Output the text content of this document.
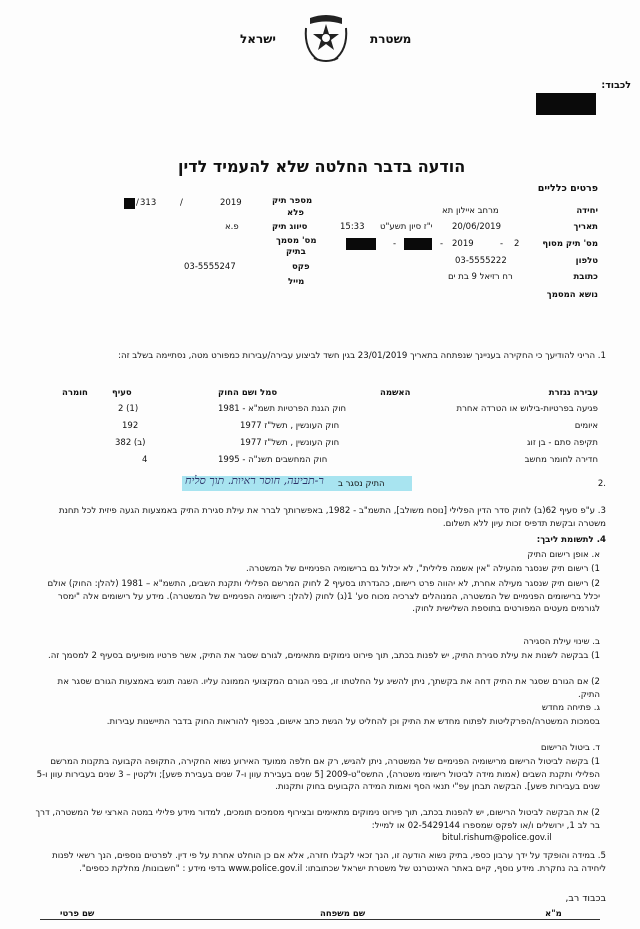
משטרת
ישראל
לכבוד:
הודעה בדבר החלטה שלא להעמיד לדין
פרטים כלליים
יחידה
מרחב איילון תא
תאריך
20/06/2019
י"ז סיון תשע"ט
15:33
מס' תיק מסוף
2
-
2019
-
-
טלפון
03-5555222
כתובת
רח רזיאל 9 בת ים
נושא המסמך
מספר תיק
פלא
2019
/
313
/
סיווג תיק
פ.א
מס' מסמך
בתיק
פקס
03-5555247
מייל
1. הריני להודיעך כי החקירה בעניינך שנפתחה בתאריך 23/01/2019 בגין חשד לביצוע עבירה/עבירות כמפורט מטה, נסתיימה בשלב זה:
עבירה נגזרת
האשמה
סמל ושם החוק
סעיף
חומרה
פגיעה בפרטיות-בילוש או הטרדה אחרת
חוק הגנת הפרטיות תשמ"א - 1981
2 (1)
איומים
חוק העונשין , תשל"ז 1977
192
תקיפה סתם - בן זוג
חוק העונשין , תשל"ז 1977
382 (ב)
חדירה לחומר מחשב
חוק המחשבים תשנ"ה - 1995
4
2.
התיק נסגר ב
ר-תביעה, חוסר ראיות. תוך סליח
3. ע"פ סעיף 62(ב) לחוק סדר הדין הפלילי [נוסח משולב], התשמ"ב - 1982, באפשרותך לברר את עילת סגירת התיק באמצעות הגעה פיזית לכל תחנת משטרה ובקשת תדפיס זכות עיון ללא תשלום.
4. לתשומת ליבך:
א. אופן רישום התיק
1) רישום תיק שנסגר מהעילה "אין אשמה פלילית", לא יכלול גם ברישומיה הפנימיים של המשטרה.
2) רישום תיק שנסגר מעילה אחרת, לא יהווה פרט רישום, כהגדרתו בסעיף 2 לחוק המרשם הפלילי ותקנת השבים, התשמ"א – 1981 (להלן: החוק) אולם יכלל ברישומים הפנימיים של המשטרה, המנוהלים לצרכיה מכוח סע' 1(ג) לחוק (להלן: רישומיה הפנימיים של המשטרה). מידע על רישומים אלה "ימסר לגורמים מעטים המפורטים בתוספת השלישית לחוק.
ב. שינוי עילת הסגירה
1) בבקשה לשנות את עילת סגירת התיק, יש לפנות בכתב, תוך פירוט נימוקים מתאימים, לגורם שסגר את התיק, אשר פרטיו מופיעים בסעיף 2 למסמך זה.
2) אם הגורם שסגר את התיק דחה את בקשתך, ניתן להשיג על החלטתו זו, בפני הגורם המקצועי הממונה עליו. השגה תוגש באמצעות הגורם שסגר את התיק.
ג. פתיחה מחדש
בסמכות המשטרה/הפרקליטות לפתוח מחדש את התיק וכן להחליט על הגשת כתב אישום, בכפוף להוראות החוק בדבר התיישנות עבירות.
ד. ביטול הרישום
1) בקשה לביטול הרישום מרישומיה הפנימיים של המשטרה, ניתן להגיש, רק אם חלפה ממועד האירוע נשוא החקירה, התקופה הקבועה בתקנות המרשם הפלילי ותקנת השבים (אמות מידה לביטול רישומי משטרה), התשס"ט-2009 [5 שנים בעבירת עוון ו-7 שנים בעבירת פשע]; ולקטין – 3 שנים בעבירות עוון ו-5 שנים בעבירות פשע]. הבקשה תבחן עפ"י תנאי הסף ואמות המידה הקבועים בחוק ותקנות.
2) את הבקשה לביטול הרישום, יש להפנות בכתב, תוך פירוט נימוקים מתאימים ובצירוף מסמכים תומכים, למדור מידע פלילי במטה הארצי של המשטרה, דרך בר לב 1, ירושלים ו/או לפקס שמספרו 02-5429144 או למייל:
bitul.rishum@police.gov.il
5. במידה והופקד על ידך ערבון כספי, בתיק נשוא הודעה זו, הנך זכאי לקבלו חזרה, אלא אם כן הוחלט אחרת על פי דין. לפרטים נוספים, הנך רשאי לפנות ליחידה בה נחקרת. מידע נוסף, קיים באתר האינטרנט של משטרת ישראל שכתובתו: www.police.gov.il בדפי מידע : "חשבונות/ מחלקת כספים".
בכבוד רב,
מ"א
שם משפחה
שם פרטי
